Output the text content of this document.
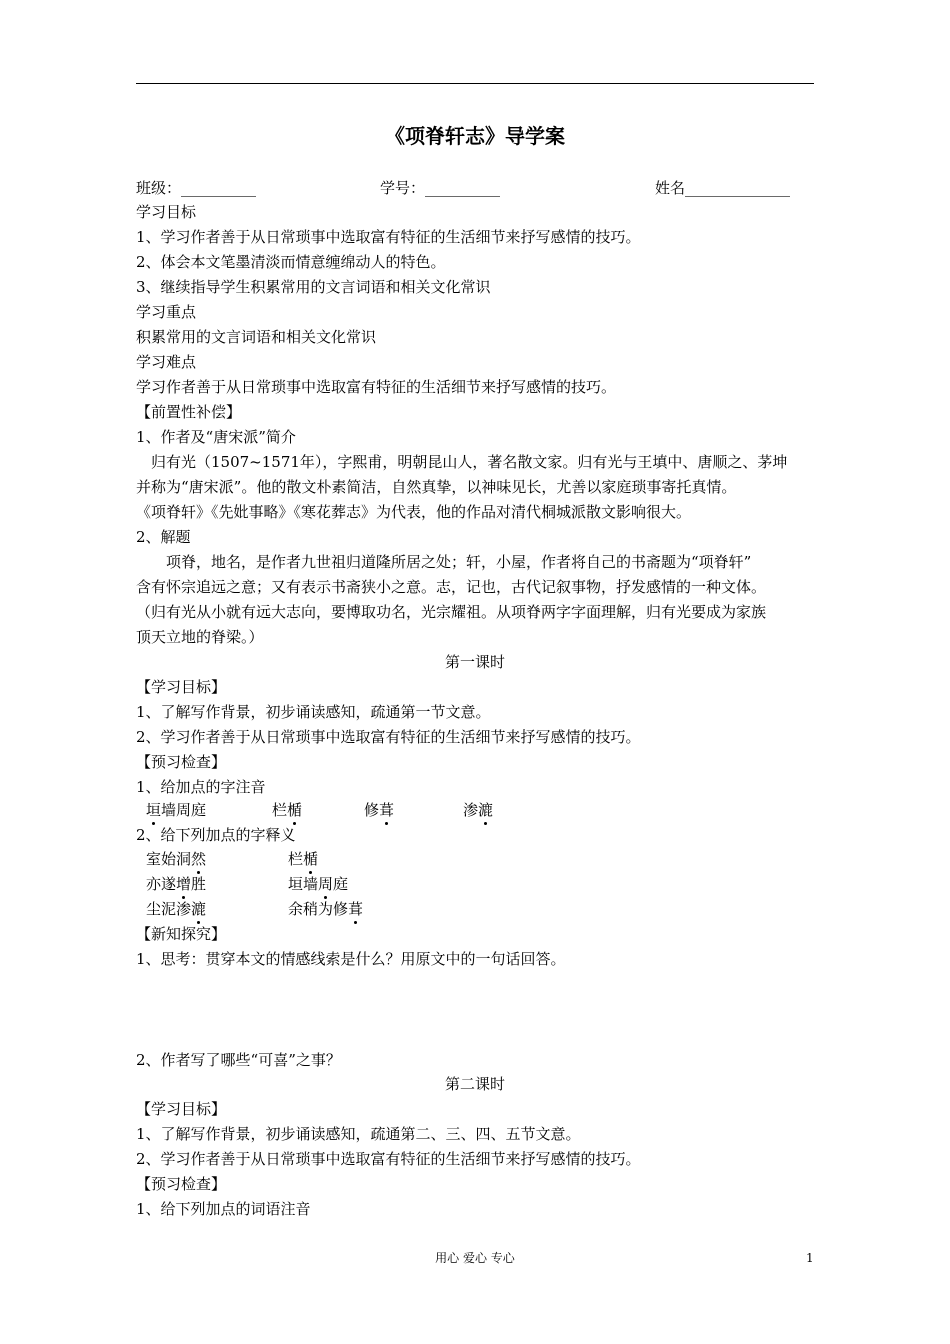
《项脊轩志》导学案
班级：__________	学号：__________	姓名______________
学习目标
1、学习作者善于从日常琐事中选取富有特征的生活细节来抒写感情的技巧。
2、体会本文笔墨清淡而情意缠绵动人的特色。
3、继续指导学生积累常用的文言词语和相关文化常识
学习重点
积累常用的文言词语和相关文化常识
学习难点
学习作者善于从日常琐事中选取富有特征的生活细节来抒写感情的技巧。
【前置性补偿】
1、作者及“唐宋派”简介
　归有光（1507~1571年），字熙甫，明朝昆山人，著名散文家。归有光与王填中、唐顺之、茅坤
并称为“唐宋派”。他的散文朴素简洁，自然真挚，以神味见长，尤善以家庭琐事寄托真情。
《项脊轩》《先妣事略》《寒花葬志》为代表，他的作品对清代桐城派散文影响很大。
2、解题
　　项脊，地名，是作者九世祖归道隆所居之处；轩，小屋，作者将自己的书斋题为“项脊轩”
含有怀宗追远之意；又有表示书斋狭小之意。志，记也，古代记叙事物，抒发感情的一种文体。
（归有光从小就有远大志向，要博取功名，光宗耀祖。从项脊两字字面理解，归有光要成为家族
顶天立地的脊梁。）
第一课时
【学习目标】
1、了解写作背景，初步诵读感知，疏通第一节文意。
2、学习作者善于从日常琐事中选取富有特征的生活细节来抒写感情的技巧。
【预习检查】
1、给加点的字注音
垣墙周庭	栏楯	修葺	渗漉
2、给下列加点的字释义
室始洞然	栏楯
亦遂增胜	垣墙周庭
尘泥渗漉	余稍为修葺
【新知探究】
1、思考：贯穿本文的情感线索是什么？用原文中的一句话回答。
2、作者写了哪些“可喜”之事？
第二课时
【学习目标】
1、了解写作背景，初步诵读感知，疏通第二、三、四、五节文意。
2、学习作者善于从日常琐事中选取富有特征的生活细节来抒写感情的技巧。
【预习检查】
1、给下列加点的词语注音
用心 爱心 专心	1
